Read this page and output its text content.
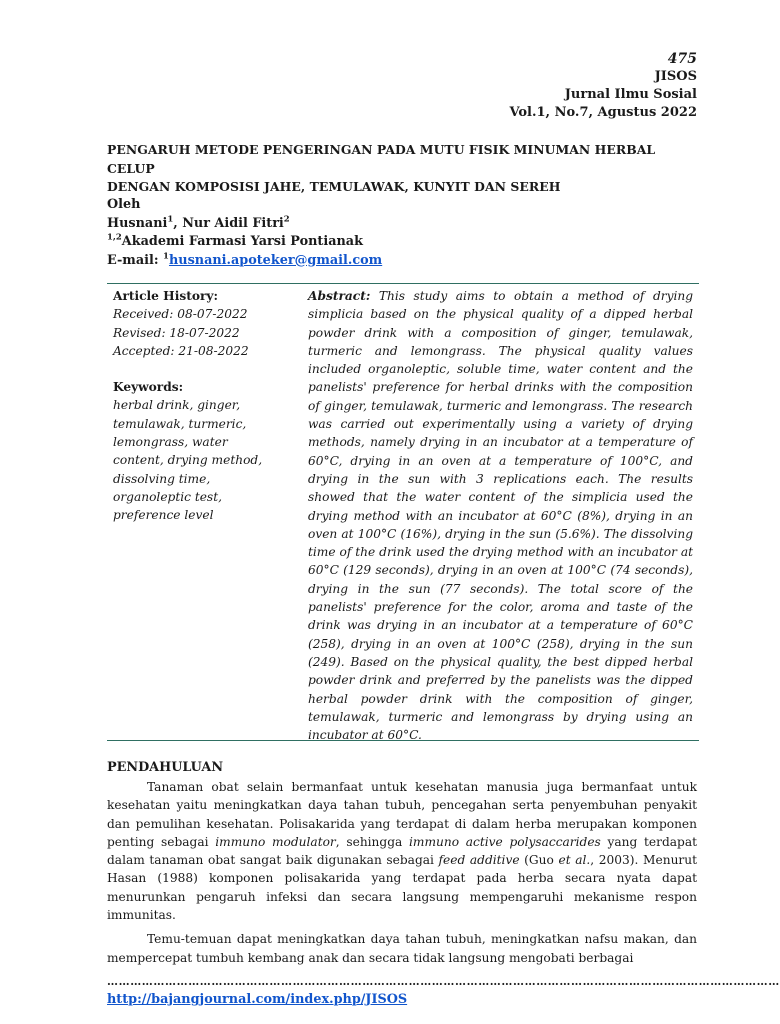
475
JISOS
Jurnal Ilmu Sosial
Vol.1, No.7, Agustus 2022
PENGARUH METODE PENGERINGAN PADA MUTU FISIK MINUMAN HERBAL CELUP
DENGAN KOMPOSISI JAHE, TEMULAWAK, KUNYIT DAN SEREH
Oleh
Husnani$^1$, Nur Aidil Fitri$^2$
$^{1,2}$Akademi Farmasi Yarsi Pontianak
E-mail: $^1$husnani.apoteker@gmail.com
Article History:
Received: 08-07-2022
Revised: 18-07-2022
Accepted: 21-08-2022
Keywords:
herbal drink, ginger,
temulawak, turmeric,
lemongrass, water
content, drying method,
dissolving time,
organoleptic test,
preference level
Abstract: This study aims to obtain a method of drying simplicia based on the physical quality of a dipped herbal powder drink with a composition of ginger, temulawak, turmeric and lemongrass. The physical quality values included organoleptic, soluble time, water content and the panelists' preference for herbal drinks with the composition of ginger, temulawak, turmeric and lemongrass. The research was carried out experimentally using a variety of drying methods, namely drying in an incubator at a temperature of 60°C, drying in an oven at a temperature of 100°C, and drying in the sun with 3 replications each. The results showed that the water content of the simplicia used the drying method with an incubator at 60°C (8%), drying in an oven at 100°C (16%), drying in the sun (5.6%). The dissolving time of the drink used the drying method with an incubator at 60°C (129 seconds), drying in an oven at 100°C (74 seconds), drying in the sun (77 seconds). The total score of the panelists' preference for the color, aroma and taste of the drink was drying in an incubator at a temperature of 60°C (258), drying in an oven at 100°C (258), drying in the sun (249). Based on the physical quality, the best dipped herbal powder drink and preferred by the panelists was the dipped herbal powder drink with the composition of ginger, temulawak, turmeric and lemongrass by drying using an incubator at 60°C.
PENDAHULUAN

Tanaman obat selain bermanfaat untuk kesehatan manusia juga bermanfaat untuk kesehatan yaitu meningkatkan daya tahan tubuh, pencegahan serta penyembuhan penyakit dan pemulihan kesehatan. Polisakarida yang terdapat di dalam herba merupakan komponen penting sebagai immuno modulator, sehingga immuno active polysaccarides yang terdapat dalam tanaman obat sangat baik digunakan sebagai feed additive (Guo et al., 2003). Menurut Hasan (1988) komponen polisakarida yang terdapat pada herba secara nyata dapat menurunkan pengaruh infeksi dan secara langsung mempengaruhi mekanisme respon immunitas.

Temu-temuan dapat meningkatkan daya tahan tubuh, meningkatkan nafsu makan, dan mempercepat tumbuh kembang anak dan secara tidak langsung mengobati berbagai

…………………………………………………………………………………………………………………………………………………………
http://bajangjournal.com/index.php/JISOS
